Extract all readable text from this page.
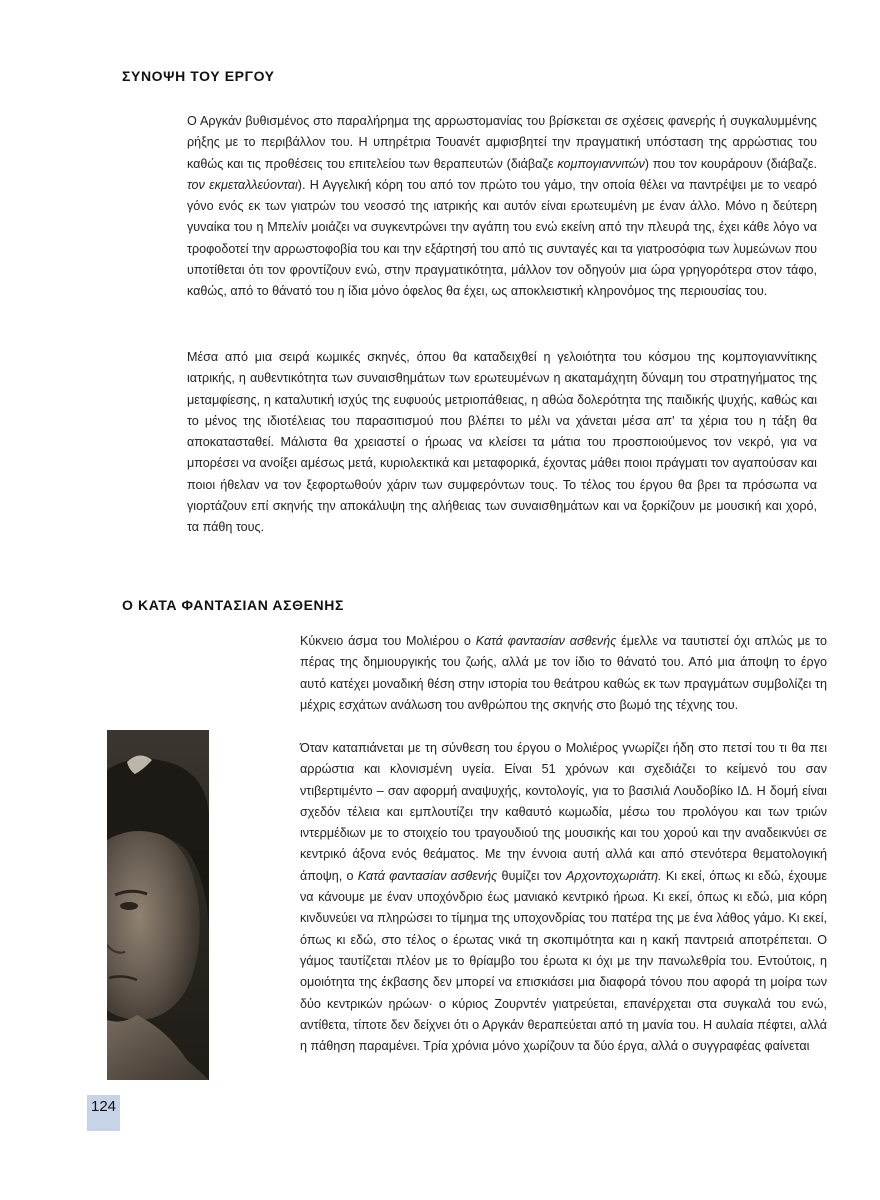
ΣΥΝΟΨΗ ΤΟΥ ΕΡΓΟΥ

Ο Αργκάν βυθισμένος στο παραλήρημα της αρρωστομανίας του βρίσκεται σε σχέσεις φανερής ή συγκαλυμμένης ρήξης με το περιβάλλον του. Η υπηρέτρια Τουανέτ αμφισβητεί την πραγματική υπόσταση της αρρώστιας του καθώς και τις προθέσεις του επιτελείου των θεραπευτών (διάβαζε κομπογιαννιτών) που τον κουράρουν (διάβαζε. τον εκμεταλλεύονται). Η Αγγελική κόρη του από τον πρώτο του γάμο, την οποία θέλει να παντρέψει με το νεαρό γόνο ενός εκ των γιατρών του νεοσσό της ιατρικής και αυτόν είναι ερωτευμένη με έναν άλλο. Μόνο η δεύτερη γυναίκα του η Μπελίν μοιάζει να συγκεντρώνει την αγάπη του ενώ εκείνη από την πλευρά της, έχει κάθε λόγο να τροφοδοτεί την αρρωστοφοβία του και την εξάρτησή του από τις συνταγές και τα γιατροσόφια των λυμεώνων που υποτίθεται ότι τον φροντίζουν ενώ, στην πραγματικότητα, μάλλον τον οδηγούν μια ώρα γρηγορότερα στον τάφο, καθώς, από το θάνατό του η ίδια μόνο όφελος θα έχει, ως αποκλειστική κληρονόμος της περιουσίας του.

Μέσα από μια σειρά κωμικές σκηνές, όπου θα καταδειχθεί η γελοιότητα του κόσμου της κομπογιαννίτικης ιατρικής, η αυθεντικότητα των συναισθημάτων των ερωτευμένων η ακαταμάχητη δύναμη του στρατηγήματος της μεταμφίεσης, η καταλυτική ισχύς της ευφυούς μετριοπάθειας, η αθώα δολερότητα της παιδικής ψυχής, καθώς και το μένος της ιδιοτέλειας του παρασιτισμού που βλέπει το μέλι να χάνεται μέσα απ' τα χέρια του η τάξη θα αποκατασταθεί. Μάλιστα θα χρειαστεί ο ήρωας να κλείσει τα μάτια του προσποιούμενος τον νεκρό, για να μπορέσει να ανοίξει αμέσως μετά, κυριολεκτικά και μεταφορικά, έχοντας μάθει ποιοι πράγματι τον αγαπούσαν και ποιοι ήθελαν να τον ξεφορτωθούν χάριν των συμφερόντων τους. Το τέλος του έργου θα βρει τα πρόσωπα να γιορτάζουν επί σκηνής την αποκάλυψη της αλήθειας των συναισθημάτων και να ξορκίζουν με μουσική και χορό, τα πάθη τους.

Ο ΚΑΤΑ ΦΑΝΤΑΣΙΑΝ ΑΣΘΕΝΗΣ

Κύκνειο άσμα του Μολιέρου ο Κατά φαντασίαν ασθενής έμελλε να ταυτιστεί όχι απλώς με το πέρας της δημιουργικής του ζωής, αλλά με τον ίδιο το θάνατό του. Από μια άποψη το έργο αυτό κατέχει μοναδική θέση στην ιστορία του θεάτρου καθώς εκ των πραγμάτων συμβολίζει τη μέχρις εσχάτων ανάλωση του ανθρώπου της σκηνής στο βωμό της τέχνης του.

Όταν καταπιάνεται με τη σύνθεση του έργου ο Μολιέρος γνωρίζει ήδη στο πετσί του τι θα πει αρρώστια και κλονισμένη υγεία. Είναι 51 χρόνων και σχεδιάζει το κείμενό του σαν ντιβερτιμέντο – σαν αφορμή αναψυχής, κοντολογίς, για το βασιλιά Λουδοβίκο ΙΔ. Η δομή είναι σχεδόν τέλεια και εμπλουτίζει την καθαυτό κωμωδία, μέσω του προλόγου και των τριών ιντερμέδιων με το στοιχείο του τραγουδιού της μουσικής και του χορού και την αναδεικνύει σε κεντρικό άξονα ενός θεάματος. Με την έννοια αυτή αλλά και από στενότερα θεματολογική άποψη, ο Κατά φαντασίαν ασθενής θυμίζει τον Αρχοντοχωριάτη. Κι εκεί, όπως κι εδώ, έχουμε να κάνουμε με έναν υποχόνδριο έως μανιακό κεντρικό ήρωα. Κι εκεί, όπως κι εδώ, μια κόρη κινδυνεύει να πληρώσει το τίμημα της υποχονδρίας του πατέρα της με ένα λάθος γάμο. Κι εκεί, όπως κι εδώ, στο τέλος ο έρωτας νικά τη σκοπιμότητα και η κακή παντρειά αποτρέπεται. Ο γάμος ταυτίζεται πλέον με το θρίαμβο του έρωτα κι όχι με την πανωλεθρία του. Εντούτοις, η ομοιότητα της έκβασης δεν μπορεί να επισκιάσει μια διαφορά τόνου που αφορά τη μοίρα των δύο κεντρικών ηρώων· ο κύριος Ζουρντέν γιατρεύεται, επανέρχεται στα συγκαλά του ενώ, αντίθετα, τίποτε δεν δείχνει ότι ο Αργκάν θεραπεύεται από τη μανία του. Η αυλαία πέφτει, αλλά η πάθηση παραμένει. Τρία χρόνια μόνο χωρίζουν τα δύο έργα, αλλά ο συγγραφέας φαίνεται

124
